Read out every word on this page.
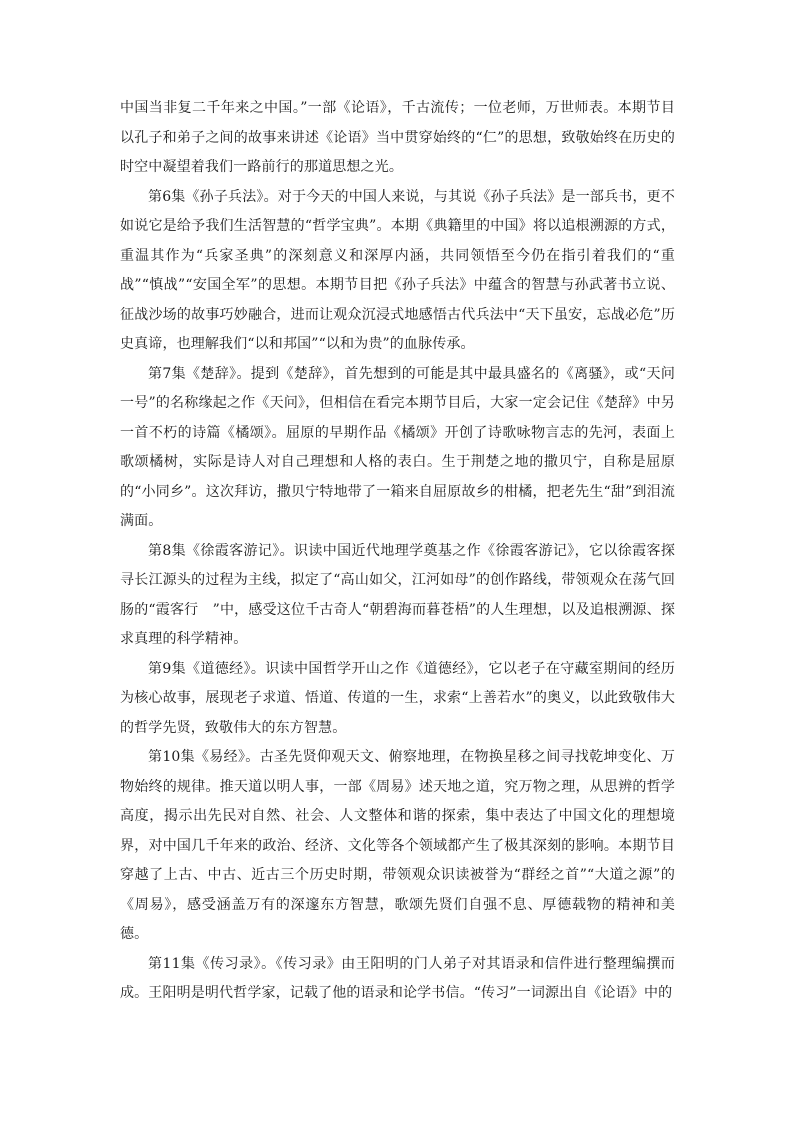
中国当非复二千年来之中国。”一部《论语》，千古流传；一位老师，万世师表。本期节目以孔子和弟子之间的故事来讲述《论语》当中贯穿始终的“仁”的思想，致敬始终在历史的时空中凝望着我们一路前行的那道思想之光。

第6集《孙子兵法》。对于今天的中国人来说，与其说《孙子兵法》是一部兵书，更不如说它是给予我们生活智慧的“哲学宝典”。本期《典籍里的中国》将以追根溯源的方式，重温其作为“兵家圣典”的深刻意义和深厚内涵，共同领悟至今仍在指引着我们的“重战”“慎战”“安国全军”的思想。本期节目把《孙子兵法》中蕴含的智慧与孙武著书立说、征战沙场的故事巧妙融合，进而让观众沉浸式地感悟古代兵法中“天下虽安，忘战必危”历史真谛，也理解我们“以和邦国”“以和为贵”的血脉传承。

第7集《楚辞》。提到《楚辞》，首先想到的可能是其中最具盛名的《离骚》，或“天问一号”的名称缘起之作《天问》，但相信在看完本期节目后，大家一定会记住《楚辞》中另一首不朽的诗篇《橘颂》。屈原的早期作品《橘颂》开创了诗歌咏物言志的先河，表面上歌颂橘树，实际是诗人对自己理想和人格的表白。生于荆楚之地的撒贝宁，自称是屈原的“小同乡”。这次拜访，撒贝宁特地带了一箱来自屈原故乡的柑橘，把老先生“甜”到泪流满面。

第8集《徐霞客游记》。识读中国近代地理学奠基之作《徐霞客游记》，它以徐霞客探寻长江源头的过程为主线，拟定了“高山如父，江河如母”的创作路线，带领观众在荡气回肠的“霞客行　”中，感受这位千古奇人“朝碧海而暮苍梧”的人生理想，以及追根溯源、探求真理的科学精神。

第9集《道德经》。识读中国哲学开山之作《道德经》，它以老子在守藏室期间的经历为核心故事，展现老子求道、悟道、传道的一生，求索“上善若水”的奥义，以此致敬伟大的哲学先贤，致敬伟大的东方智慧。

第10集《易经》。古圣先贤仰观天文、俯察地理，在物换星移之间寻找乾坤变化、万物始终的规律。推天道以明人事，一部《周易》述天地之道，究万物之理，从思辨的哲学高度，揭示出先民对自然、社会、人文整体和谐的探索，集中表达了中国文化的理想境界，对中国几千年来的政治、经济、文化等各个领域都产生了极其深刻的影响。本期节目穿越了上古、中古、近古三个历史时期，带领观众识读被誉为“群经之首”“大道之源”的《周易》，感受涵盖万有的深邃东方智慧，歌颂先贤们自强不息、厚德载物的精神和美德。

第11集《传习录》。《传习录》由王阳明的门人弟子对其语录和信件进行整理编撰而成。王阳明是明代哲学家，记载了他的语录和论学书信。“传习”一词源出自《论语》中的
